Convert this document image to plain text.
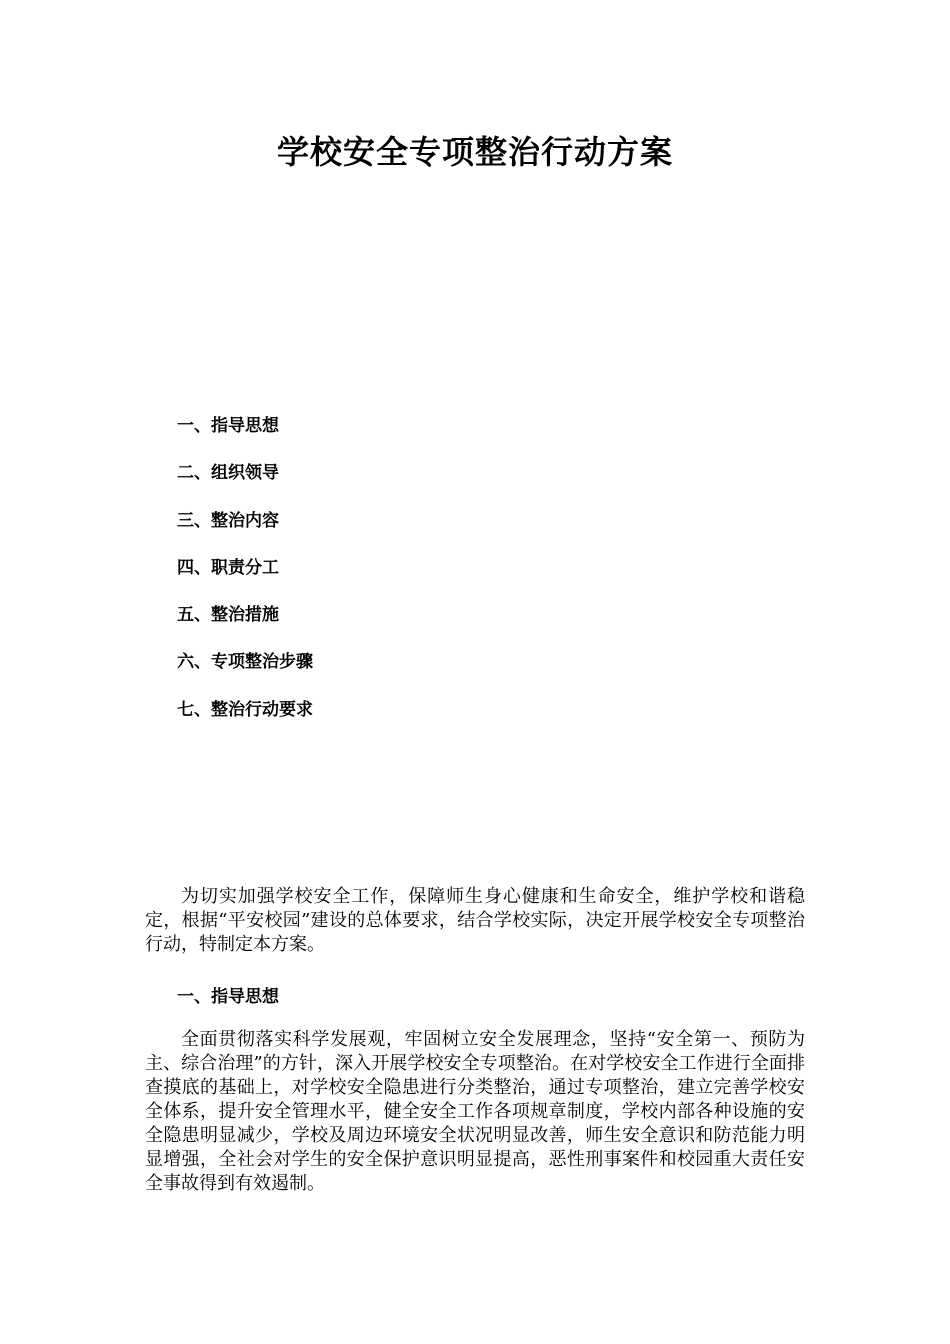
学校安全专项整治行动方案
一、指导思想
二、组织领导
三、整治内容
四、职责分工
五、整治措施
六、专项整治步骤
七、整治行动要求

为切实加强学校安全工作，保障师生身心健康和生命安全，维护学校和谐稳定，根据“平安校园”建设的总体要求，结合学校实际，决定开展学校安全专项整治行动，特制定本方案。

一、指导思想

全面贯彻落实科学发展观，牢固树立安全发展理念，坚持“安全第一、预防为主、综合治理”的方针，深入开展学校安全专项整治。在对学校安全工作进行全面排查摸底的基础上，对学校安全隐患进行分类整治，通过专项整治，建立完善学校安全体系，提升安全管理水平，健全安全工作各项规章制度，学校内部各种设施的安全隐患明显减少，学校及周边环境安全状况明显改善，师生安全意识和防范能力明显增强，全社会对学生的安全保护意识明显提高，恶性刑事案件和校园重大责任安全事故得到有效遏制。
